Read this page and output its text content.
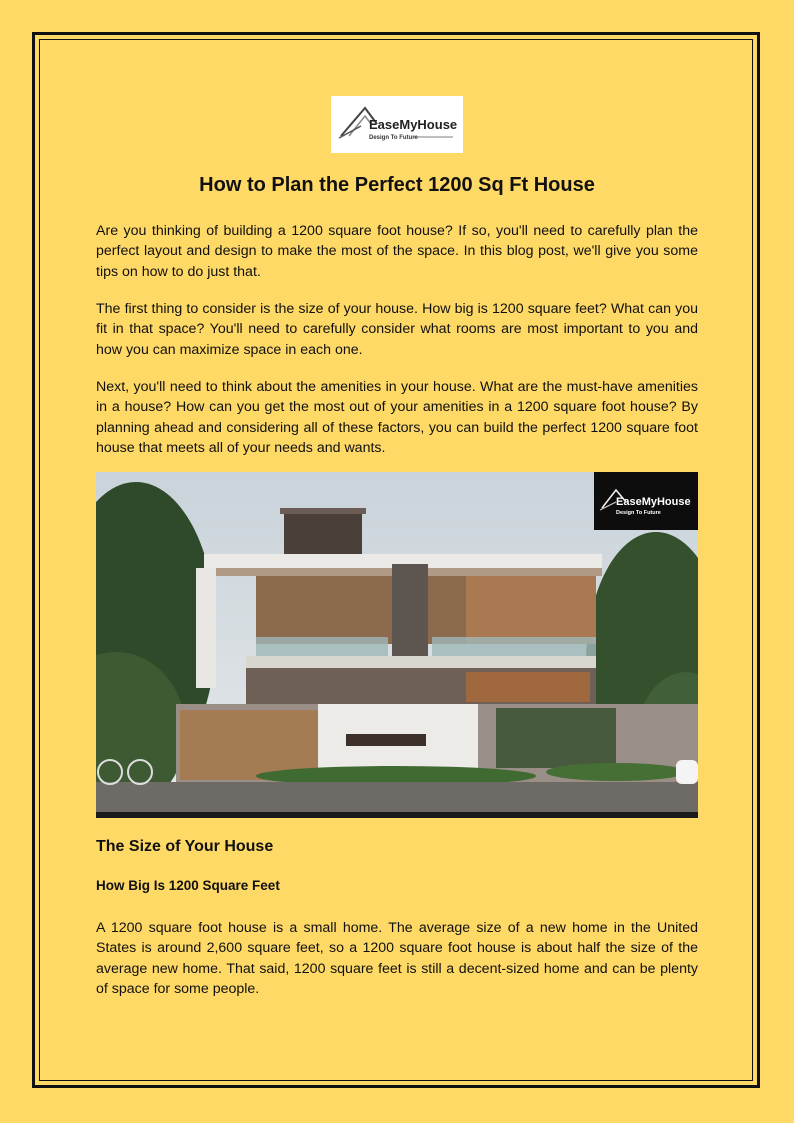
EaseMyHouse
Design To Future
How to Plan the Perfect 1200 Sq Ft House

Are you thinking of building a 1200 square foot house? If so, you'll need to carefully plan the perfect layout and design to make the most of the space. In this blog post, we'll give you some tips on how to do just that.

The first thing to consider is the size of your house. How big is 1200 square feet? What can you fit in that space? You'll need to carefully consider what rooms are most important to you and how you can maximize space in each one.

Next, you'll need to think about the amenities in your house. What are the must-have amenities in a house? How can you get the most out of your amenities in a 1200 square foot house? By planning ahead and considering all of these factors, you can build the perfect 1200 square foot house that meets all of your needs and wants.

EaseMyHouse
Design To Future
The Size of Your House
How Big Is 1200 Square Feet

A 1200 square foot house is a small home. The average size of a new home in the United States is around 2,600 square feet, so a 1200 square foot house is about half the size of the average new home. That said, 1200 square feet is still a decent-sized home and can be plenty of space for some people.
